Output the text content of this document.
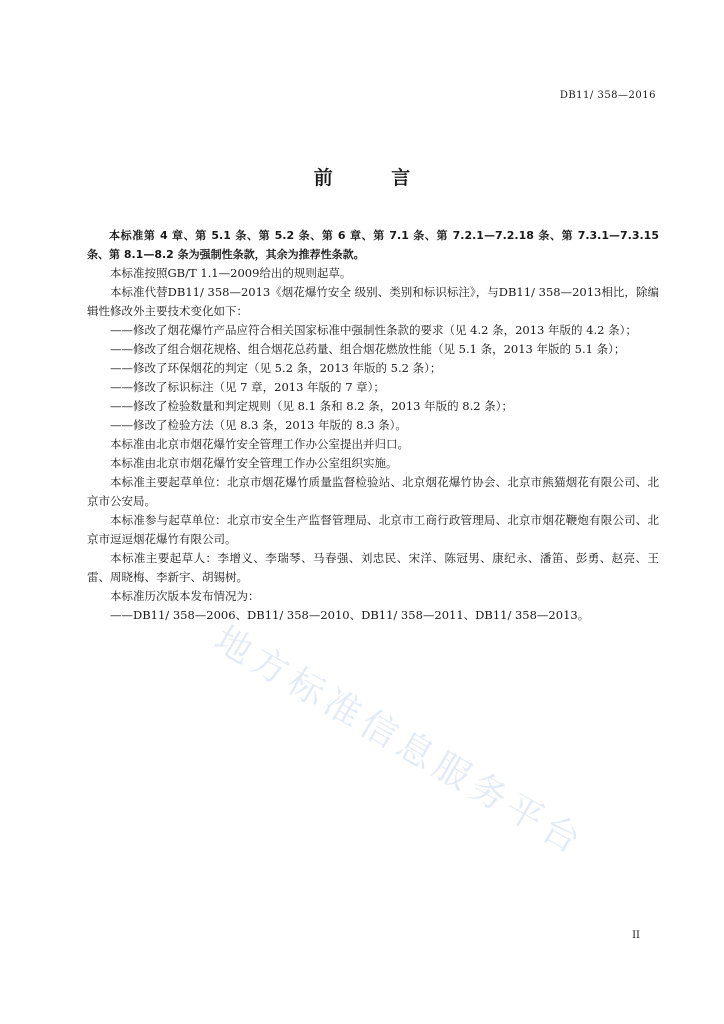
DB11/ 358—2016
前 言

本标准第 4 章、第 5.1 条、第 5.2 条、第 6 章、第 7.1 条、第 7.2.1—7.2.18 条、第 7.3.1—7.3.15 条、第 8.1—8.2 条为强制性条款，其余为推荐性条款。

本标准按照GB/T 1.1—2009给出的规则起草。

本标准代替DB11/ 358—2013《烟花爆竹安全 级别、类别和标识标注》，与DB11/ 358—2013相比，除编辑性修改外主要技术变化如下：

——修改了烟花爆竹产品应符合相关国家标准中强制性条款的要求（见 4.2 条，2013 年版的 4.2 条）；

——修改了组合烟花规格、组合烟花总药量、组合烟花燃放性能（见 5.1 条，2013 年版的 5.1 条）；

——修改了环保烟花的判定（见 5.2 条，2013 年版的 5.2 条）；

——修改了标识标注（见 7 章，2013 年版的 7 章）；

——修改了检验数量和判定规则（见 8.1 条和 8.2 条，2013 年版的 8.2 条）；

——修改了检验方法（见 8.3 条，2013 年版的 8.3 条）。

本标准由北京市烟花爆竹安全管理工作办公室提出并归口。

本标准由北京市烟花爆竹安全管理工作办公室组织实施。

本标准主要起草单位：北京市烟花爆竹质量监督检验站、北京烟花爆竹协会、北京市熊猫烟花有限公司、北京市公安局。

本标准参与起草单位：北京市安全生产监督管理局、北京市工商行政管理局、北京市烟花鞭炮有限公司、北京市逗逗烟花爆竹有限公司。

本标准主要起草人：李增义、李瑞琴、马春强、刘忠民、宋洋、陈冠男、康纪永、潘笛、彭勇、赵亮、王雷、周晓梅、李新宇、胡锡树。

本标准历次版本发布情况为：

——DB11/ 358—2006、DB11/ 358—2010、DB11/ 358—2011、DB11/ 358—2013。

地方标准信息服务平台
II
